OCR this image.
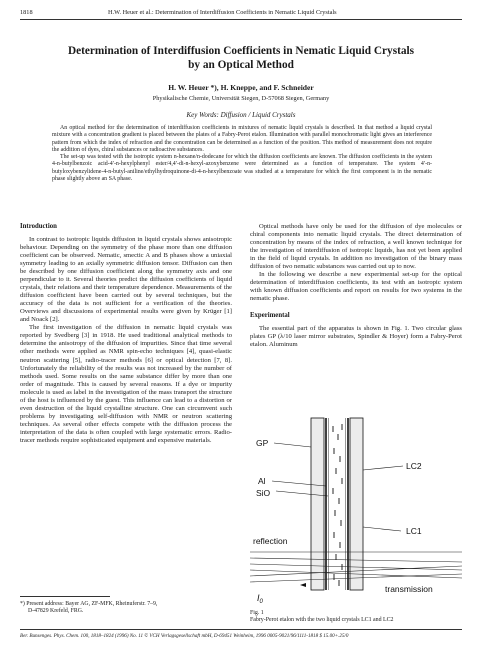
1818	H.W. Heuer et al.: Determination of Interdiffusion Coefficients in Nematic Liquid Crystals
Determination of Interdiffusion Coefficients in Nematic Liquid Crystals
by an Optical Method
H. W. Heuer *), H. Kneppe, and F. Schneider
Physikalische Chemie, Universität Siegen, D-57068 Siegen, Germany
Key Words: Diffusion / Liquid Crystals

An optical method for the determination of interdiffusion coefficients in mixtures of nematic liquid crystals is described. In that method a liquid crystal mixture with a concentration gradient is placed between the plates of a Fabry-Perot etalon. Illumination with parallel monochromatic light gives an interference pattern from which the index of refraction and the concentration can be determined as a function of the position. This method of measurement does not require the addition of dyes, chiral substances or radioactive substances.

The set-up was tested with the isotropic system n-hexane/n-dodecane for which the diffusion coefficients are known. The diffusion coefficients in the system 4-n-butylbenzoic acid-4′-n-hexylphenyl ester/4,4′-di-n-hexyl-azoxybenzene were determined as a function of temperature. The system 4′-n-butyloxybenzylidene-4-n-butyl-aniline/ethylhydroquinone-di-4-n-hexylbenzoate was studied at a temperature for which the first component is in the nematic phase slightly above an SA phase.

Introduction

In contrast to isotropic liquids diffusion in liquid crystals shows anisotropic behaviour. Depending on the symmetry of the phase more than one diffusion coefficient can be observed. Nematic, smectic A and B phases show a uniaxial symmetry leading to an axially symmetric diffusion tensor. Diffusion can then be described by one diffusion coefficient along the symmetry axis and one perpendicular to it. Several theories predict the diffusion coefficients of liquid crystals, their relations and their temperature dependence. Measurements of the diffusion coefficient have been carried out by several techniques, but the accuracy of the data is not sufficient for a verification of the theories. Overviews and discussions of experimental results were given by Krüger [1] and Noack [2].

The first investigation of the diffusion in nematic liquid crystals was reported by Svedberg [3] in 1918. He used traditional analytical methods to determine the anisotropy of the diffusion of impurities. Since that time several other methods were applied as NMR spin-echo techniques [4], quasi-elastic neutron scattering [5], radio-tracer methods [6] or optical detection [7, 8]. Unfortunately the reliability of the results was not increased by the number of methods used. Some results on the same substance differ by more than one order of magnitude. This is caused by several reasons. If a dye or impurity molecule is used as label in the investigation of the mass transport the structure of the host is influenced by the guest. This influence can lead to a distortion or even destruction of the liquid crystalline structure. One can circumvent such problems by investigating self-diffusion with NMR or neutron scattering techniques. As several other effects compete with the diffusion process the interpretation of the data is often coupled with large systematic errors. Radio-tracer methods require sophisticated equipment and expensive materials.

*) Present address: Bayer AG, ZF-MFK, Rheinuferstr. 7–9,
D-47829 Krefeld, FRG.

Optical methods have only be used for the diffusion of dye molecules or chiral components into nematic liquid crystals. The direct determination of concentration by means of the index of refraction, a well known technique for the investigation of interdiffusion of isotropic liquids, has not yet been applied in the field of liquid crystals. In addition no investigation of the binary mass diffusion of two nematic substances was carried out up to now.

In the following we describe a new experimental set-up for the optical determination of interdiffusion coefficients, its test with an isotropic system with known diffusion coefficients and report on results for two systems in the nematic phase.

Experimental

The essential part of the apparatus is shown in Fig. 1. Two circular glass plates GP (λ/10 laser mirror substrates, Spindler & Hoyer) form a Fabry-Perot etalon. Aluminum

GP
Al
SiO
LC2
LC1
reflection
transmission
$I_0$
Fig. 1
Fabry-Perot etalon with the two liquid crystals LC1 and LC2
Ber. Bunsenges. Phys. Chem. 100, 1818–1824 (1996) No. 11 © VCH Verlagsgesellschaft mbH, D-69451 Weinheim, 1996 0005-9021/96/1111-1818 $ 15.00+.25/0
